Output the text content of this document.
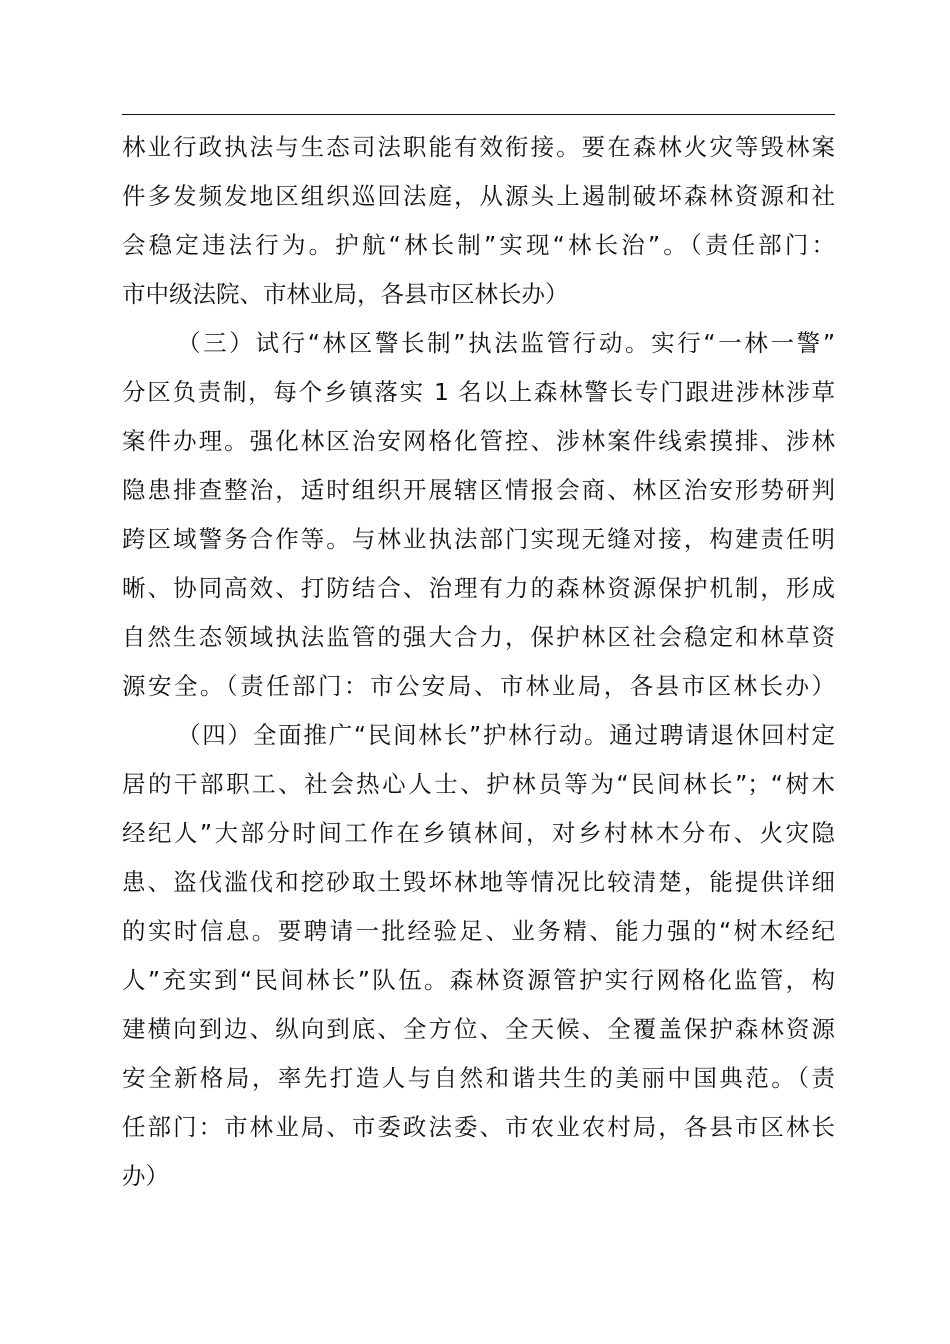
林业行政执法与生态司法职能有效衔接。要在森林火灾等毁林案
件多发频发地区组织巡回法庭，从源头上遏制破坏森林资源和社
会稳定违法行为。护航“林长制”实现“林长治”。（责任部门：
市中级法院、市林业局，各县市区林长办）
（三）试行“林区警长制”执法监管行动。实行“一林一警”
分区负责制，每个乡镇落实 1 名以上森林警长专门跟进涉林涉草
案件办理。强化林区治安网格化管控、涉林案件线索摸排、涉林
隐患排查整治，适时组织开展辖区情报会商、林区治安形势研判
跨区域警务合作等。与林业执法部门实现无缝对接，构建责任明
晰、协同高效、打防结合、治理有力的森林资源保护机制，形成
自然生态领域执法监管的强大合力，保护林区社会稳定和林草资
源安全。（责任部门：市公安局、市林业局，各县市区林长办）
（四）全面推广“民间林长”护林行动。通过聘请退休回村定
居的干部职工、社会热心人士、护林员等为“民间林长”；“树木
经纪人”大部分时间工作在乡镇林间，对乡村林木分布、火灾隐
患、盗伐滥伐和挖砂取土毁坏林地等情况比较清楚，能提供详细
的实时信息。要聘请一批经验足、业务精、能力强的“树木经纪
人”充实到“民间林长”队伍。森林资源管护实行网格化监管，构
建横向到边、纵向到底、全方位、全天候、全覆盖保护森林资源
安全新格局，率先打造人与自然和谐共生的美丽中国典范。（责
任部门：市林业局、市委政法委、市农业农村局，各县市区林长
办）
